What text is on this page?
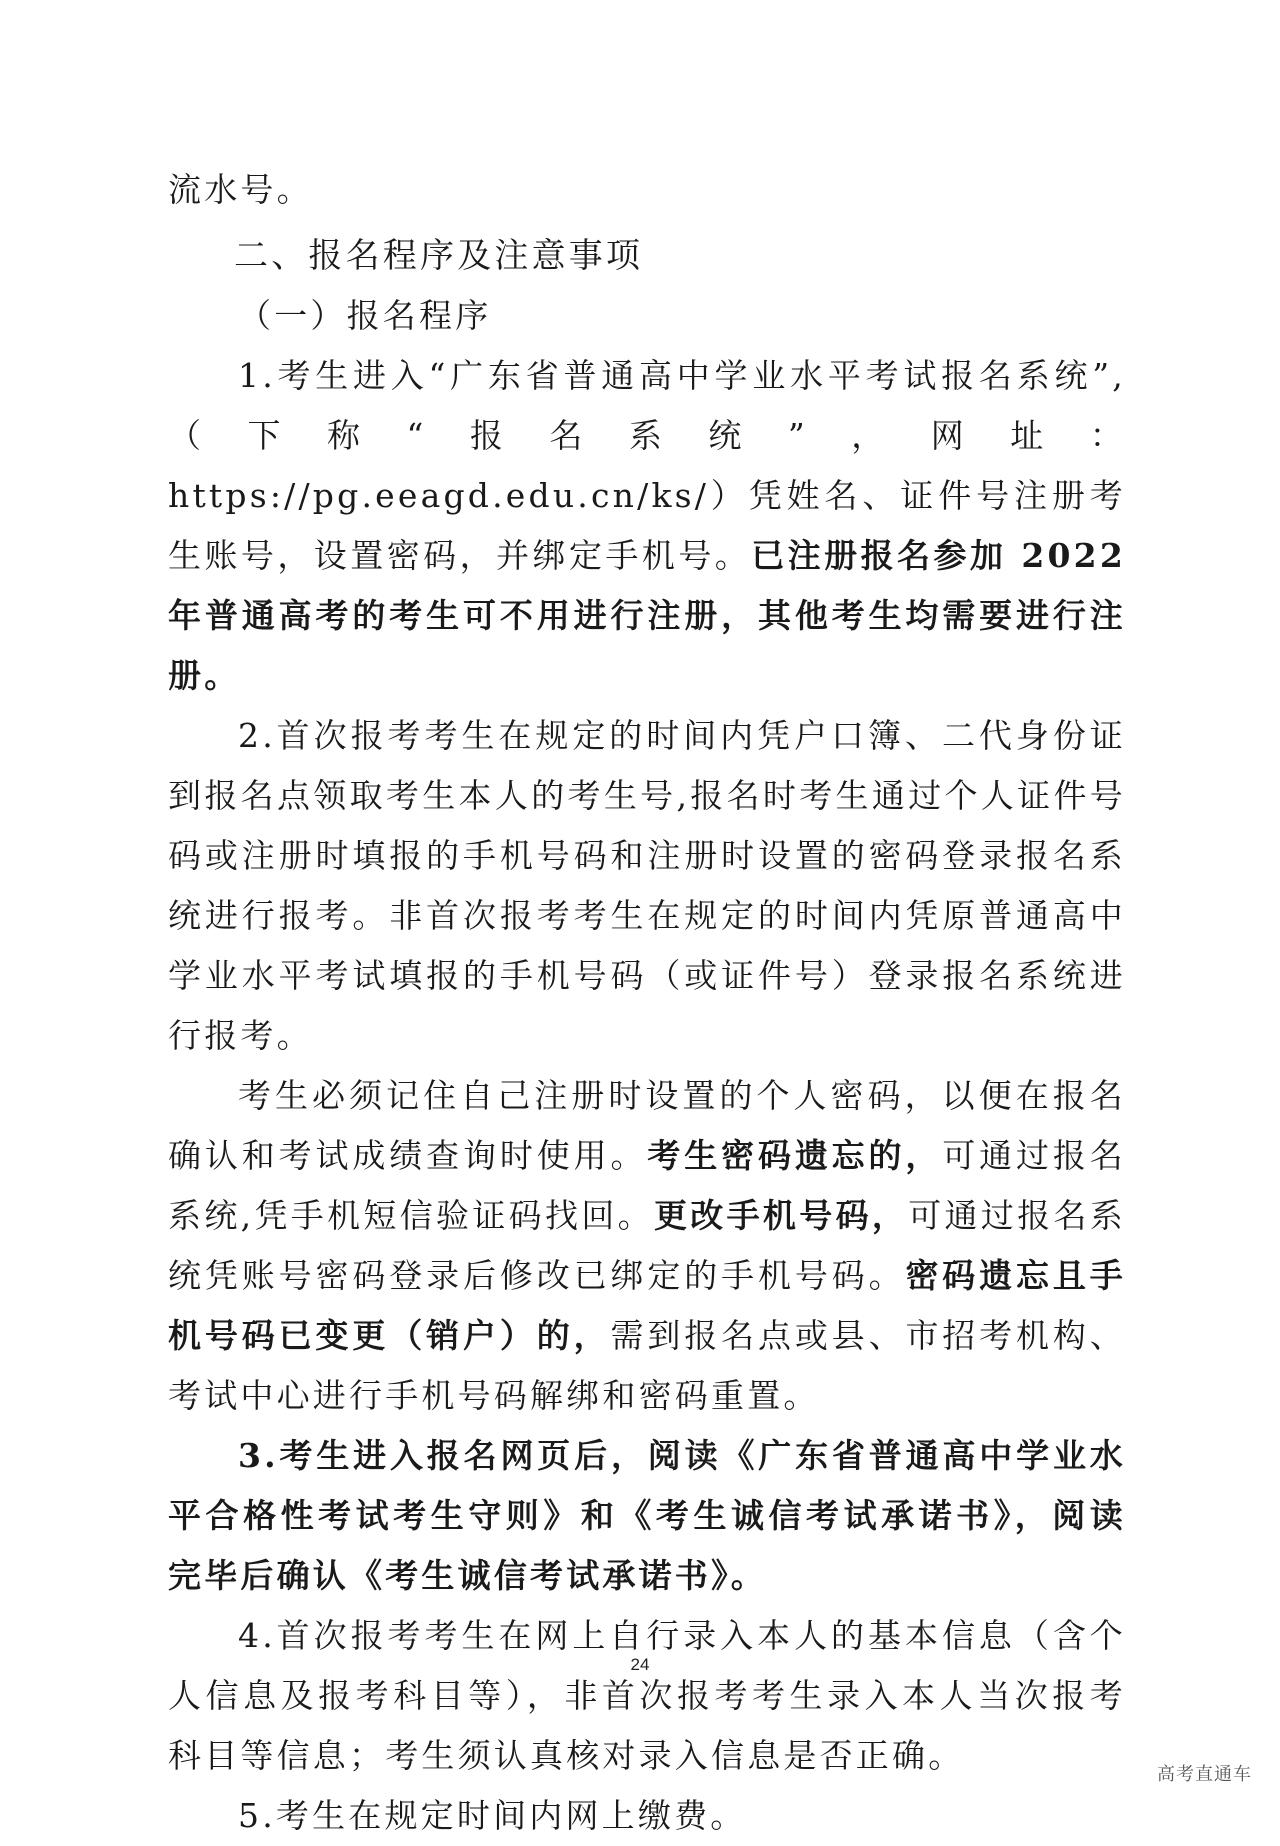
流水号。

二、报名程序及注意事项

（一）报名程序

1.考生进入“广东省普通高中学业水平考试报名系统”,（下称“报名系统”，网址：https://pg.eeagd.edu.cn/ks/）凭姓名、证件号注册考生账号，设置密码，并绑定手机号。已注册报名参加 2022 年普通高考的考生可不用进行注册，其他考生均需要进行注册。

2.首次报考考生在规定的时间内凭户口簿、二代身份证到报名点领取考生本人的考生号,报名时考生通过个人证件号码或注册时填报的手机号码和注册时设置的密码登录报名系统进行报考。非首次报考考生在规定的时间内凭原普通高中学业水平考试填报的手机号码（或证件号）登录报名系统进行报考。

考生必须记住自己注册时设置的个人密码，以便在报名确认和考试成绩查询时使用。考生密码遗忘的，可通过报名系统,凭手机短信验证码找回。更改手机号码，可通过报名系统凭账号密码登录后修改已绑定的手机号码。密码遗忘且手机号码已变更（销户）的，需到报名点或县、市招考机构、考试中心进行手机号码解绑和密码重置。

3.考生进入报名网页后，阅读《广东省普通高中学业水平合格性考试考生守则》和《考生诚信考试承诺书》，阅读完毕后确认《考生诚信考试承诺书》。

4.首次报考考生在网上自行录入本人的基本信息（含个人信息及报考科目等），非首次报考考生录入本人当次报考科目等信息；考生须认真核对录入信息是否正确。

5.考生在规定时间内网上缴费。

24
高考直通车
